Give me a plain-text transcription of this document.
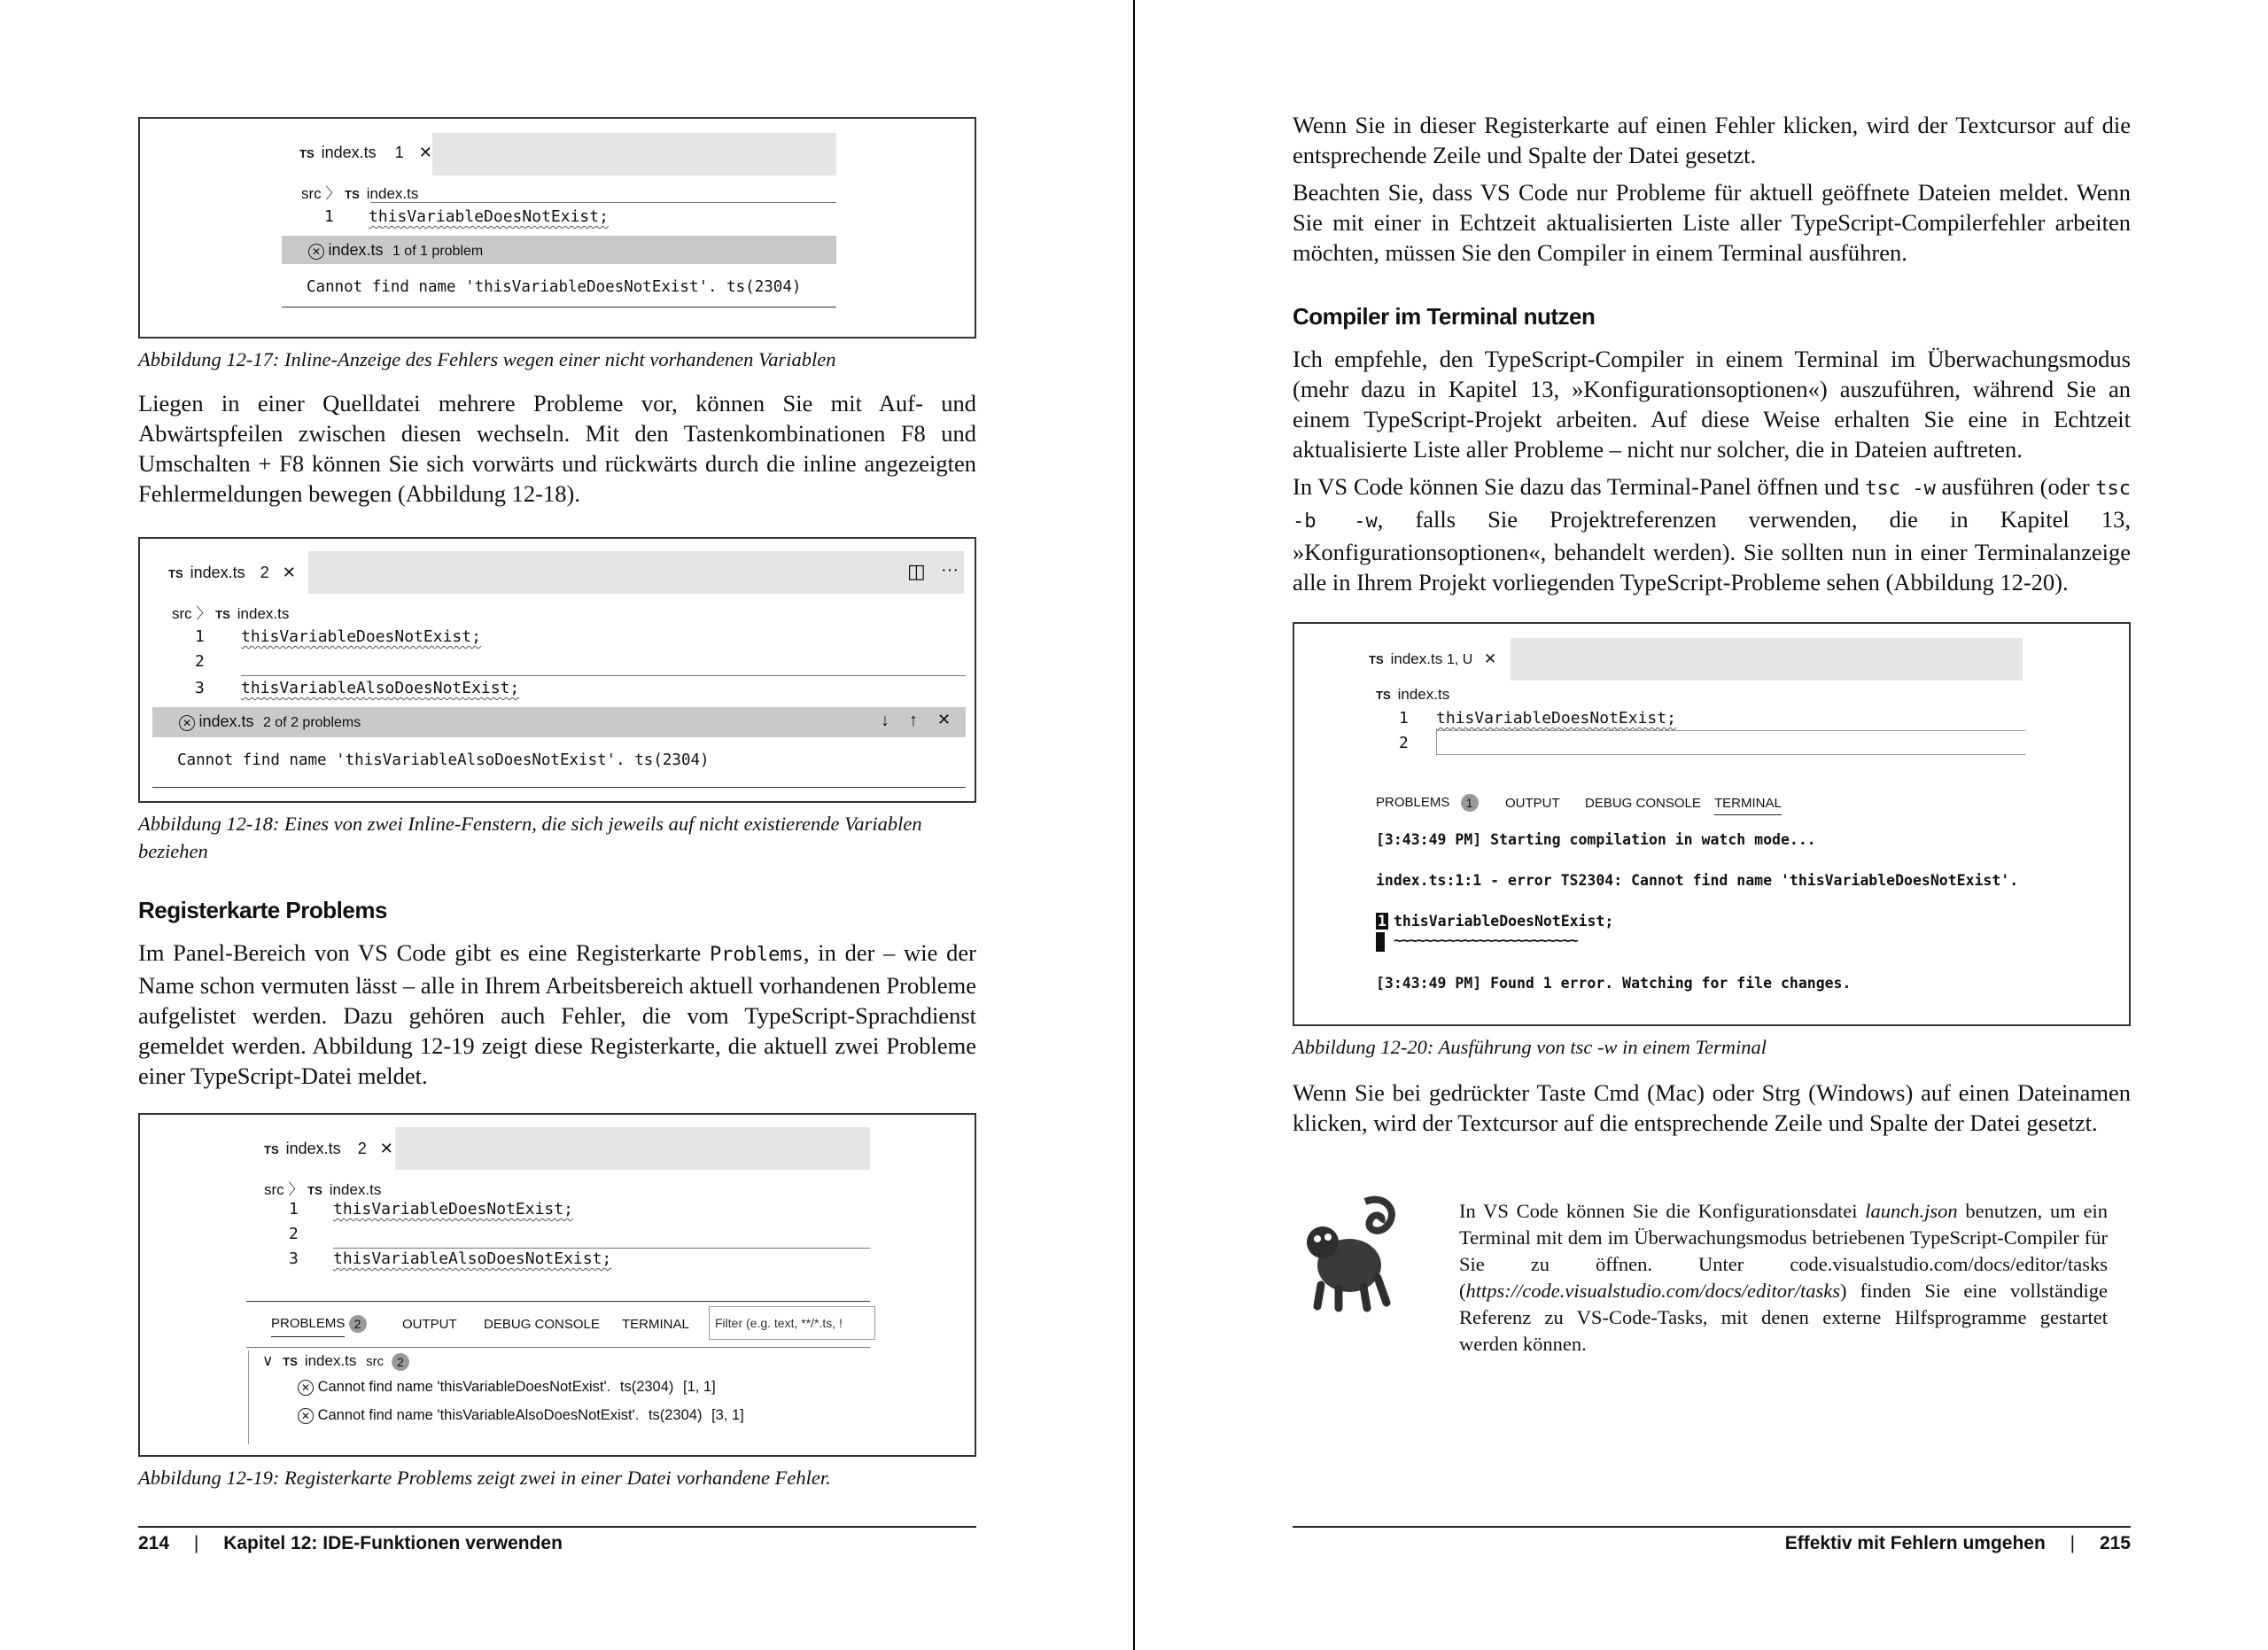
TS index.ts 1 ✕
src 〉 TS index.ts
1 thisVariableDoesNotExist;
✕ index.ts 1 of 1 problem
Cannot find name 'thisVariableDoesNotExist'. ts(2304)

Abbildung 12-17: Inline-Anzeige des Fehlers wegen einer nicht vorhandenen Variablen

Liegen in einer Quelldatei mehrere Probleme vor, können Sie mit Auf- und Abwärtspfeilen zwischen diesen wechseln. Mit den Tastenkombinationen F8 und Umschalten + F8 können Sie sich vorwärts und rückwärts durch die inline angezeigten Fehlermeldungen bewegen (Abbildung 12-18).

TS index.ts 2 ✕	◫ ···
src 〉 TS index.ts
1 thisVariableDoesNotExist;
2
3 thisVariableAlsoDoesNotExist;
✕ index.ts 2 of 2 problems	↓ ↑ ✕
Cannot find name 'thisVariableAlsoDoesNotExist'. ts(2304)

Abbildung 12-18: Eines von zwei Inline-Fenstern, die sich jeweils auf nicht existierende Variablen beziehen

Registerkarte Problems

Im Panel-Bereich von VS Code gibt es eine Registerkarte Problems, in der – wie der Name schon vermuten lässt – alle in Ihrem Arbeitsbereich aktuell vorhandenen Probleme aufgelistet werden. Dazu gehören auch Fehler, die vom TypeScript-Sprachdienst gemeldet werden. Abbildung 12-19 zeigt diese Registerkarte, die aktuell zwei Probleme einer TypeScript-Datei meldet.

TS index.ts 2 ✕
src 〉 TS index.ts
1 thisVariableDoesNotExist;
2
3 thisVariableAlsoDoesNotExist;
PROBLEMS 2	OUTPUT DEBUG CONSOLE TERMINAL	Filter (e.g. text, **/*.ts, !
∨ TS index.ts src 2
✕ Cannot find name 'thisVariableDoesNotExist'. ts(2304) [1, 1]
✕ Cannot find name 'thisVariableAlsoDoesNotExist'. ts(2304) [3, 1]

Abbildung 12-19: Registerkarte Problems zeigt zwei in einer Datei vorhandene Fehler.

214 | Kapitel 12: IDE-Funktionen verwenden

Wenn Sie in dieser Registerkarte auf einen Fehler klicken, wird der Textcursor auf die entsprechende Zeile und Spalte der Datei gesetzt.

Beachten Sie, dass VS Code nur Probleme für aktuell geöffnete Dateien meldet. Wenn Sie mit einer in Echtzeit aktualisierten Liste aller TypeScript-Compilerfehler arbeiten möchten, müssen Sie den Compiler in einem Terminal ausführen.

Compiler im Terminal nutzen

Ich empfehle, den TypeScript-Compiler in einem Terminal im Überwachungsmodus (mehr dazu in Kapitel 13, »Konfigurationsoptionen«) auszuführen, während Sie an einem TypeScript-Projekt arbeiten. Auf diese Weise erhalten Sie eine in Echtzeit aktualisierte Liste aller Probleme – nicht nur solcher, die in Dateien auftreten.

In VS Code können Sie dazu das Terminal-Panel öffnen und tsc -w ausführen (oder tsc -b -w, falls Sie Projektreferenzen verwenden, die in Kapitel 13, »Konfigurationsoptionen«, behandelt werden). Sie sollten nun in einer Terminalanzeige alle in Ihrem Projekt vorliegenden TypeScript-Probleme sehen (Abbildung 12-20).

TS index.ts 1, U ✕
TS index.ts
1 thisVariableDoesNotExist;
2
PROBLEMS 1	OUTPUT DEBUG CONSOLE TERMINAL
[3:43:49 PM] Starting compilation in watch mode...
index.ts:1:1 - error TS2304: Cannot find name 'thisVariableDoesNotExist'.
1 thisVariableDoesNotExist;
~~~~~~~~~~~~~~~~~~~~~~~~
[3:43:49 PM] Found 1 error. Watching for file changes.

Abbildung 12-20: Ausführung von tsc -w in einem Terminal

Wenn Sie bei gedrückter Taste Cmd (Mac) oder Strg (Windows) auf einen Dateinamen klicken, wird der Textcursor auf die entsprechende Zeile und Spalte der Datei gesetzt.

In VS Code können Sie die Konfigurationsdatei launch.json benutzen, um ein Terminal mit dem im Überwachungsmodus betriebenen TypeScript-Compiler für Sie zu öffnen. Unter code.visualstudio.com/docs/editor/tasks (https://code.visualstudio.com/docs/editor/tasks) finden Sie eine vollständige Referenz zu VS-Code-Tasks, mit denen externe Hilfsprogramme gestartet werden können.
Effektiv mit Fehlern umgehen | 215
